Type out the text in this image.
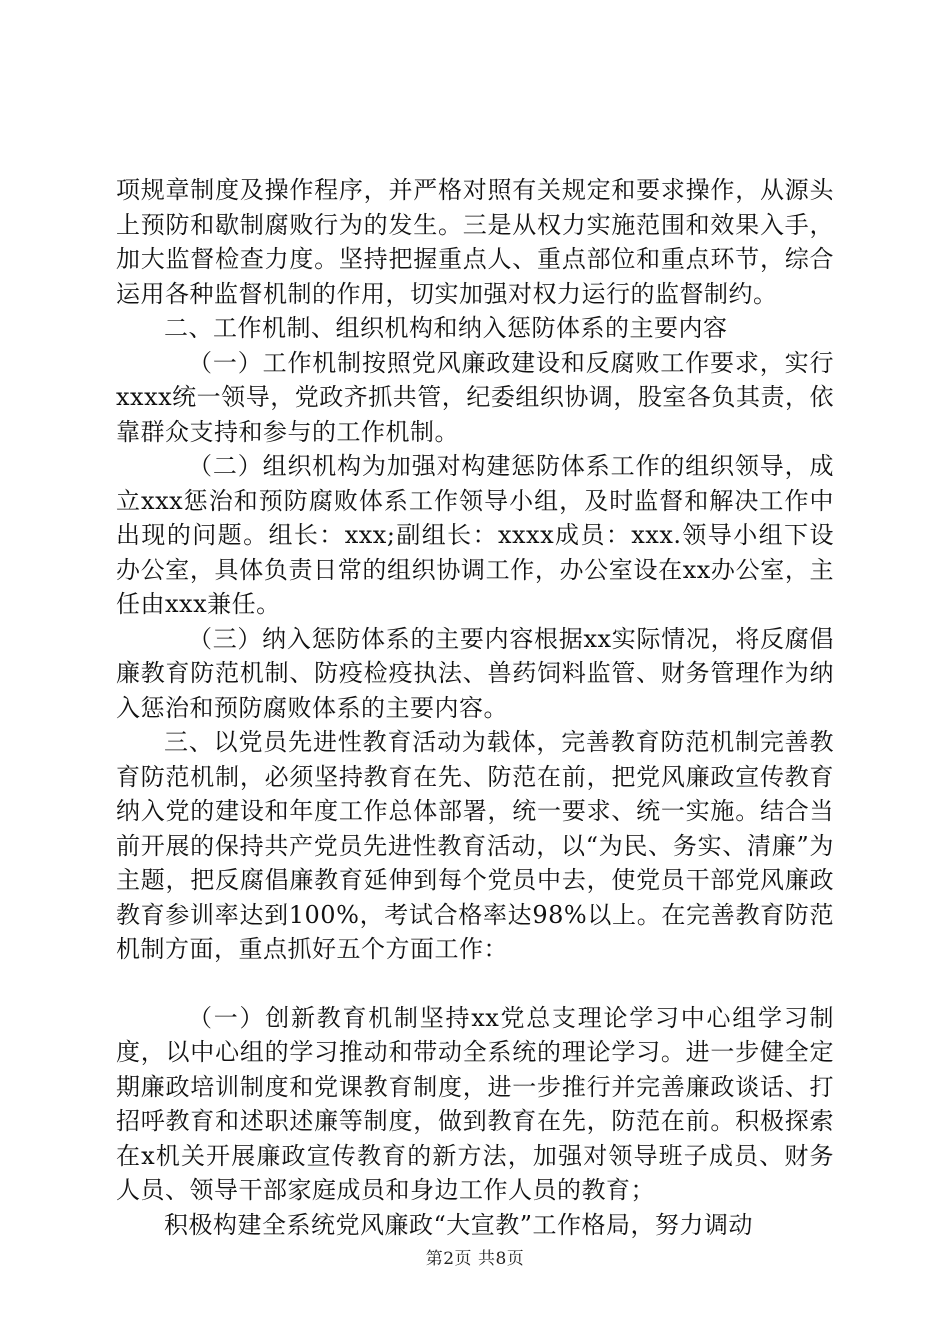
项规章制度及操作程序，并严格对照有关规定和要求操作，从源头上预防和歇制腐败行为的发生。三是从权力实施范围和效果入手，加大监督检查力度。坚持把握重点人、重点部位和重点环节，综合运用各种监督机制的作用，切实加强对权力运行的监督制约。

二、工作机制、组织机构和纳入惩防体系的主要内容

（一）工作机制按照党风廉政建设和反腐败工作要求，实行xxxx统一领导，党政齐抓共管，纪委组织协调，股室各负其责，依靠群众支持和参与的工作机制。

（二）组织机构为加强对构建惩防体系工作的组织领导，成立xxx惩治和预防腐败体系工作领导小组，及时监督和解决工作中出现的问题。组长：xxx;副组长：xxxx成员：xxx.领导小组下设办公室，具体负责日常的组织协调工作，办公室设在xx办公室，主任由xxx兼任。

（三）纳入惩防体系的主要内容根据xx实际情况，将反腐倡廉教育防范机制、防疫检疫执法、兽药饲料监管、财务管理作为纳入惩治和预防腐败体系的主要内容。

三、以党员先进性教育活动为载体，完善教育防范机制完善教育防范机制，必须坚持教育在先、防范在前，把党风廉政宣传教育纳入党的建设和年度工作总体部署，统一要求、统一实施。结合当前开展的保持共产党员先进性教育活动，以“为民、务实、清廉”为主题，把反腐倡廉教育延伸到每个党员中去，使党员干部党风廉政教育参训率达到100%，考试合格率达98%以上。在完善教育防范机制方面，重点抓好五个方面工作：

（一）创新教育机制坚持xx党总支理论学习中心组学习制度，以中心组的学习推动和带动全系统的理论学习。进一步健全定期廉政培训制度和党课教育制度，进一步推行并完善廉政谈话、打招呼教育和述职述廉等制度，做到教育在先，防范在前。积极探索在x机关开展廉政宣传教育的新方法，加强对领导班子成员、财务人员、领导干部家庭成员和身边工作人员的教育；

积极构建全系统党风廉政“大宣教”工作格局，努力调动

第2页 共8页
